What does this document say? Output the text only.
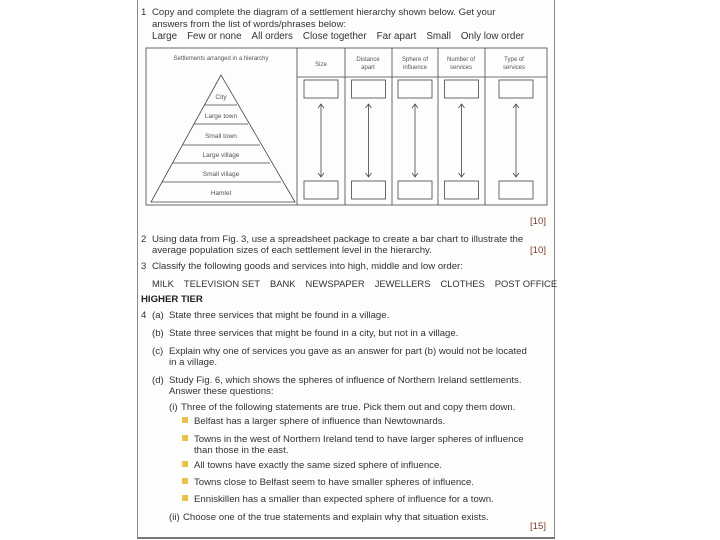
1 Copy and complete the diagram of a settlement hierarchy shown below. Get your
answers from the list of words/phrases below:
Large Few or none All orders Close together Far apart Small Only low order
Settlements arranged in a hierarchy
City
Large town
Small town
Large village
Small village
Hamlet
Size
Distance
apart
Sphere of
influence
Number of
services
Type of
services
[10]
2 Using data from Fig. 3, use a spreadsheet package to create a bar chart to illustrate the
average population sizes of each settlement level in the hierarchy.	[10]
3 Classify the following goods and services into high, middle and low order:
MILK TELEVISION SET BANK NEWSPAPER JEWELLERS CLOTHES POST OFFICE
HIGHER TIER
4 (a) State three services that might be found in a village.
(b) State three services that might be found in a city, but not in a village.
(c) Explain why one of services you gave as an answer for part (b) would not be located
in a village.
(d) Study Fig. 6, which shows the spheres of influence of Northern Ireland settlements.
Answer these questions:
(i) Three of the following statements are true. Pick them out and copy them down.
Belfast has a larger sphere of influence than Newtownards.
Towns in the west of Northern Ireland tend to have larger spheres of influence
than those in the east.
All towns have exactly the same sized sphere of influence.
Towns close to Belfast seem to have smaller spheres of influence.
Enniskillen has a smaller than expected sphere of influence for a town.
(ii) Choose one of the true statements and explain why that situation exists.
[15]
